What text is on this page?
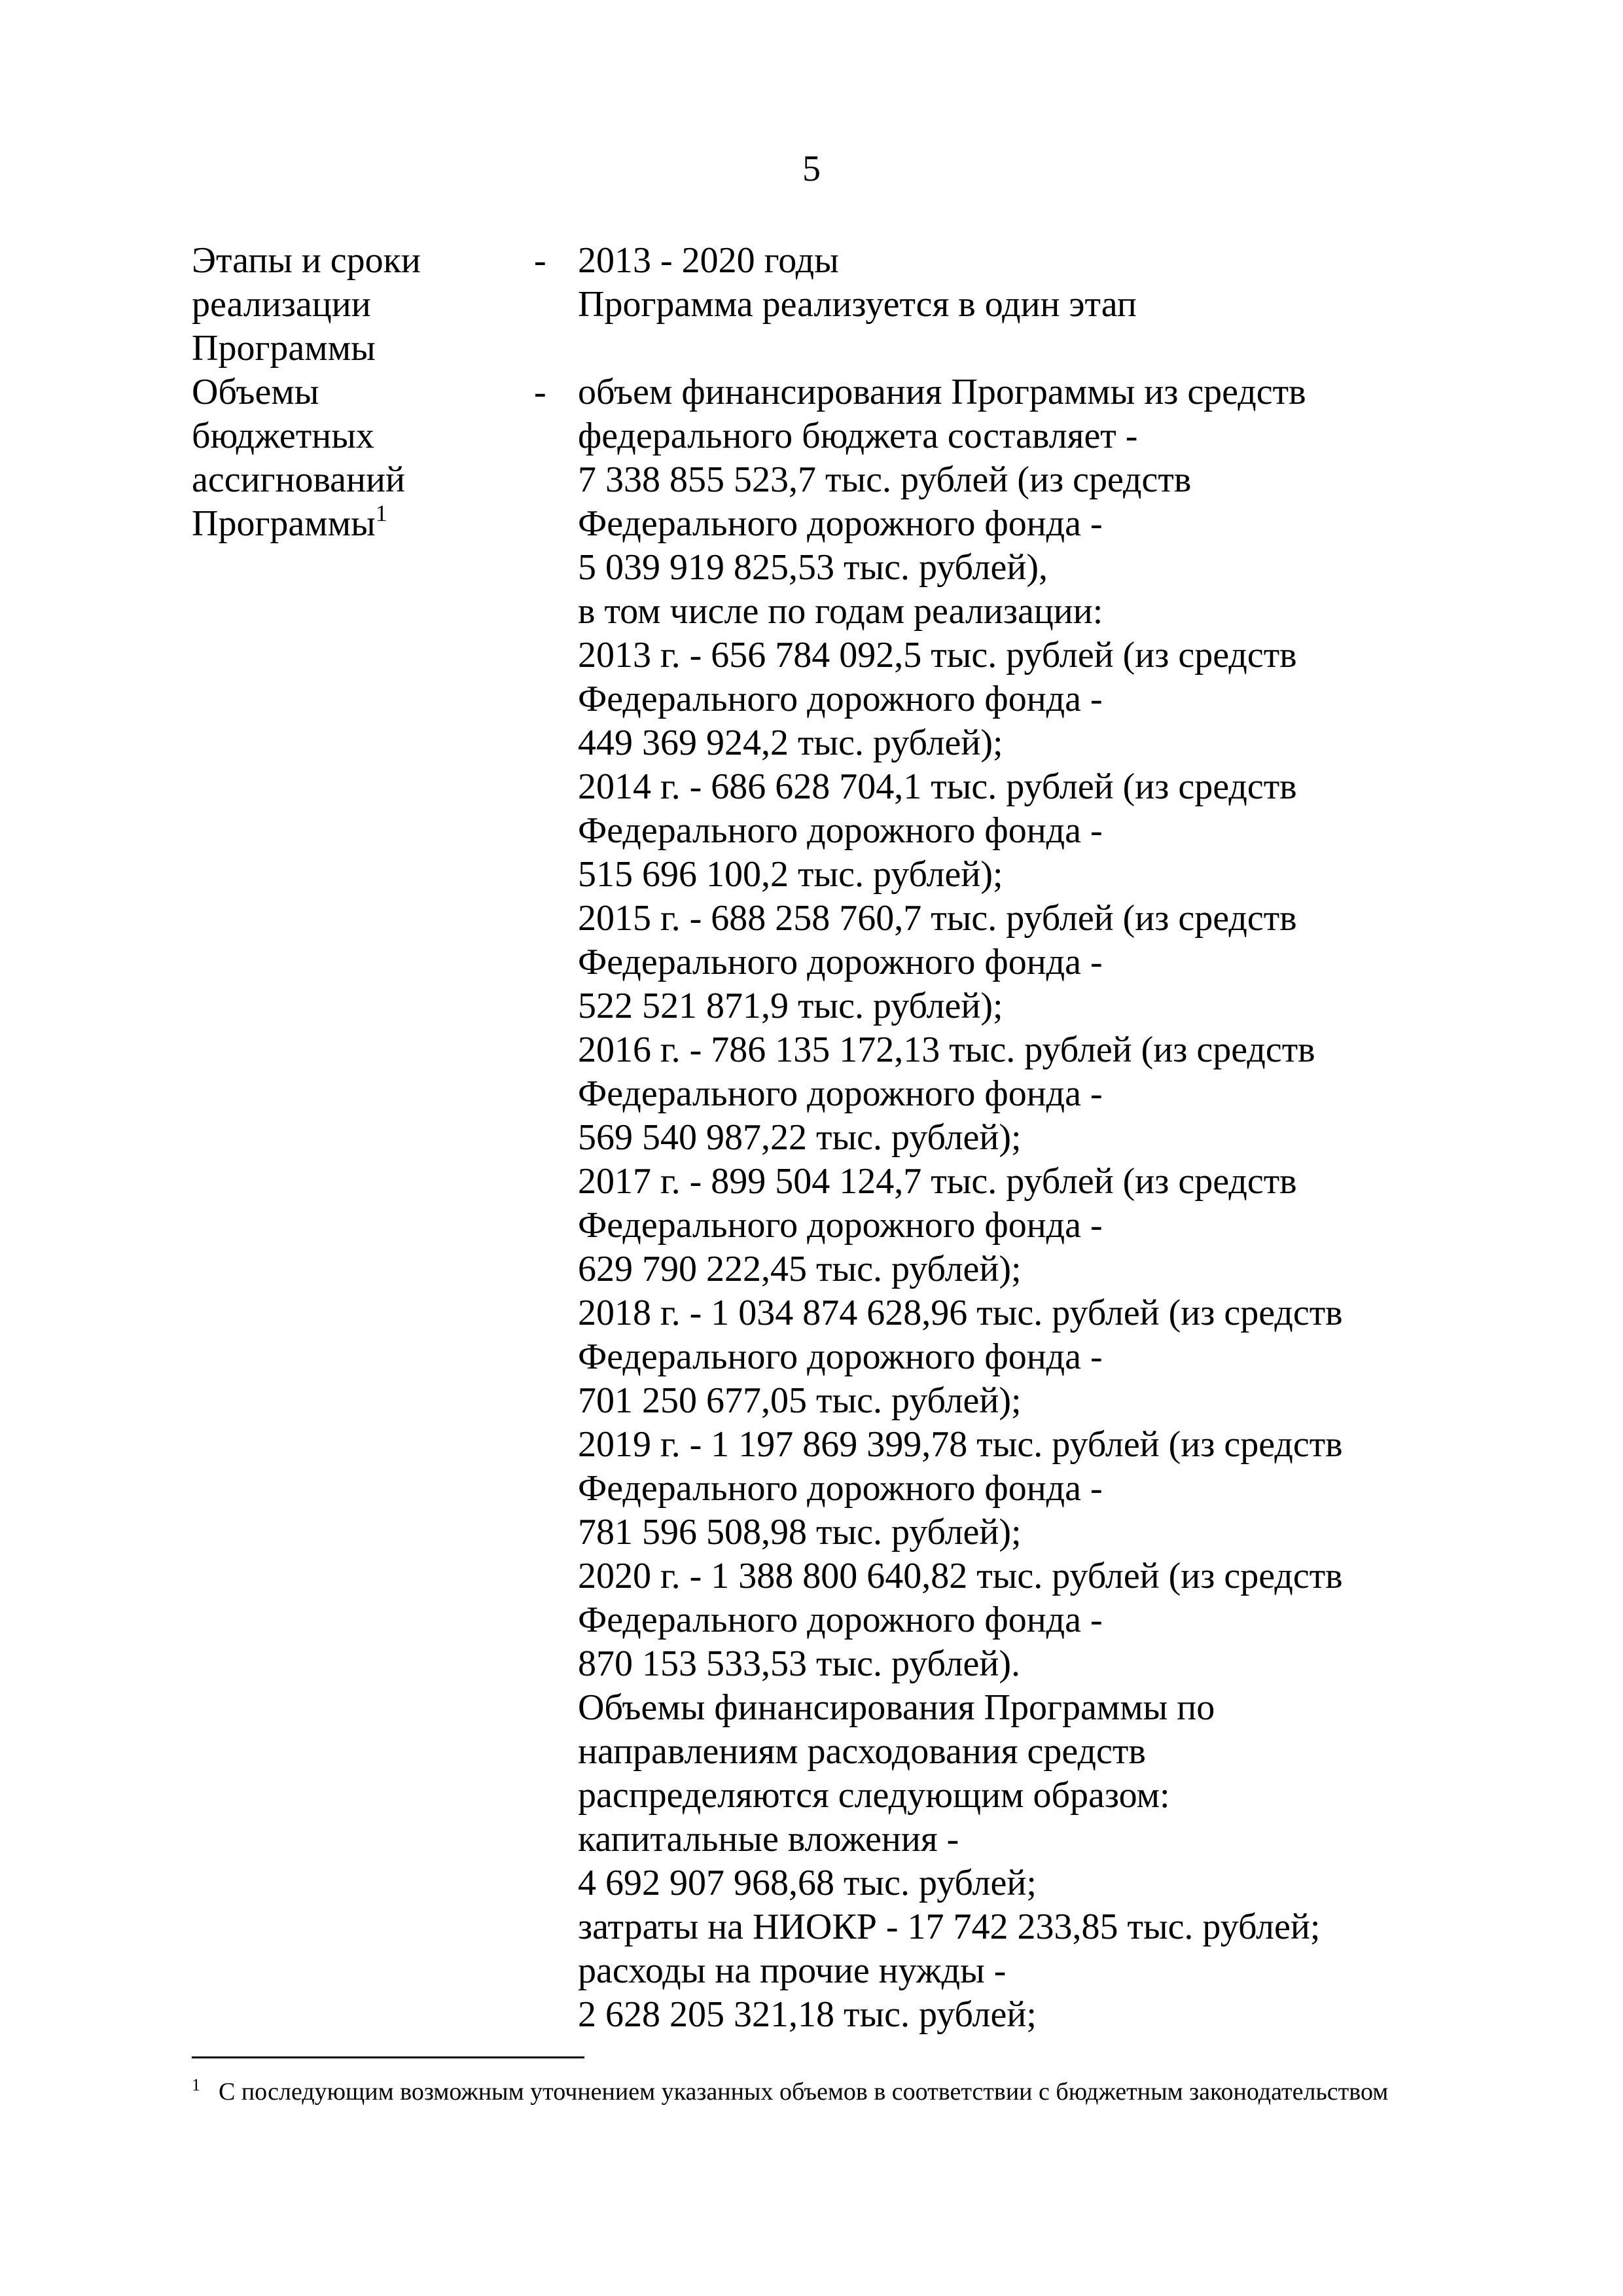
5
Этапы и сроки
реализации
Программы
- 2013 - 2020 годы
Программа реализуется в один этап
Объемы
бюджетных
ассигнований
Программы$^1$
- объем финансирования Программы из средств
федерального бюджета составляет -
7 338 855 523,7 тыс. рублей (из средств
Федерального дорожного фонда -
5 039 919 825,53 тыс. рублей),
в том числе по годам реализации:
2013 г. - 656 784 092,5 тыс. рублей (из средств
Федерального дорожного фонда -
449 369 924,2 тыс. рублей);
2014 г. - 686 628 704,1 тыс. рублей (из средств
Федерального дорожного фонда -
515 696 100,2 тыс. рублей);
2015 г. - 688 258 760,7 тыс. рублей (из средств
Федерального дорожного фонда -
522 521 871,9 тыс. рублей);
2016 г. - 786 135 172,13 тыс. рублей (из средств
Федерального дорожного фонда -
569 540 987,22 тыс. рублей);
2017 г. - 899 504 124,7 тыс. рублей (из средств
Федерального дорожного фонда -
629 790 222,45 тыс. рублей);
2018 г. - 1 034 874 628,96 тыс. рублей (из средств
Федерального дорожного фонда -
701 250 677,05 тыс. рублей);
2019 г. - 1 197 869 399,78 тыс. рублей (из средств
Федерального дорожного фонда -
781 596 508,98 тыс. рублей);
2020 г. - 1 388 800 640,82 тыс. рублей (из средств
Федерального дорожного фонда -
870 153 533,53 тыс. рублей).
Объемы финансирования Программы по
направлениям расходования средств
распределяются следующим образом:
капитальные вложения -
4 692 907 968,68 тыс. рублей;
затраты на НИОКР - 17 742 233,85 тыс. рублей;
расходы на прочие нужды -
2 628 205 321,18 тыс. рублей;
$^1$ С последующим возможным уточнением указанных объемов в соответствии с бюджетным законодательством
